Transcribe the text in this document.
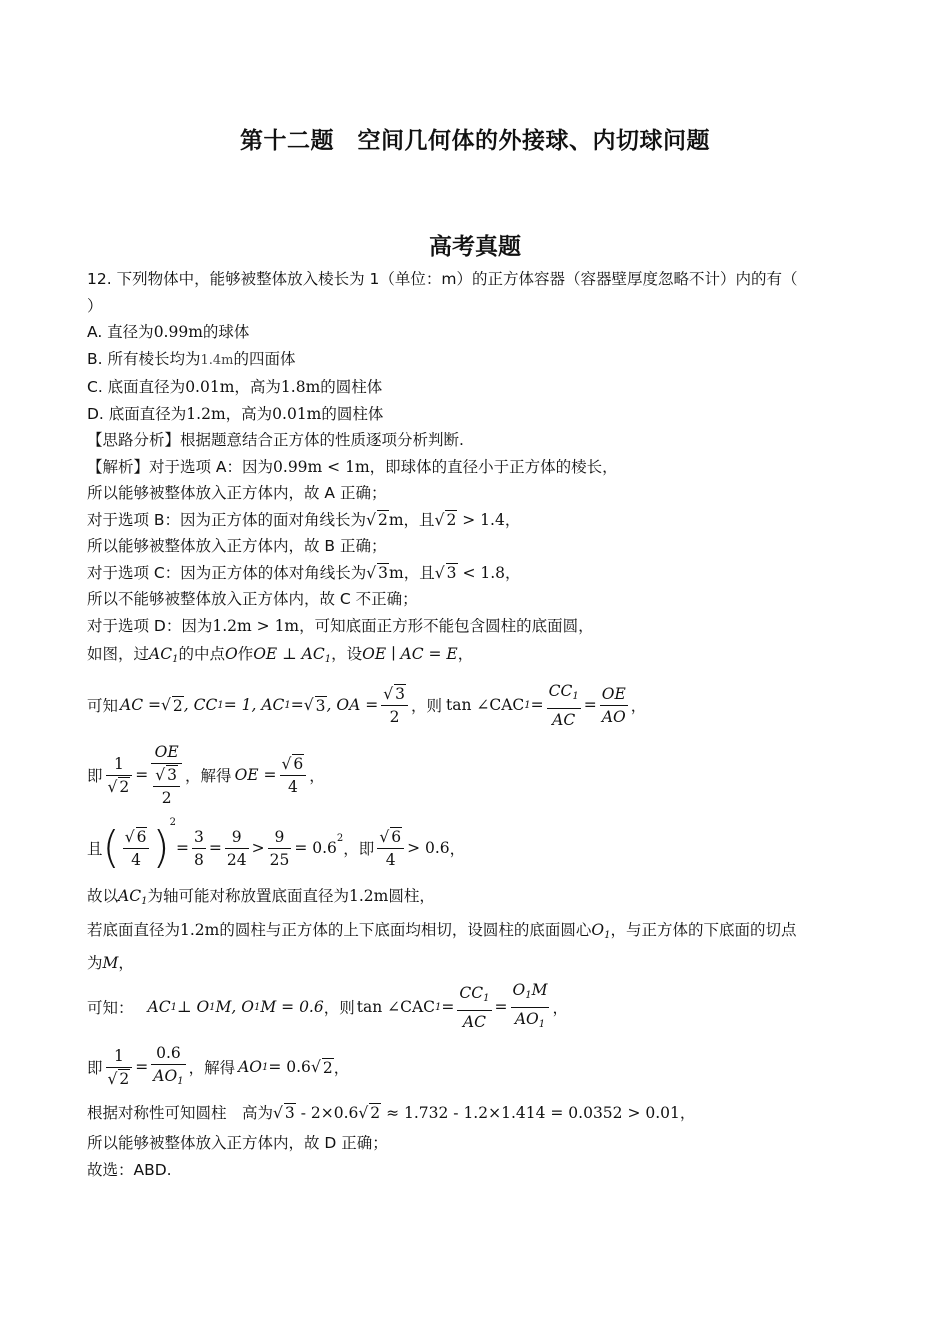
第十二题　空间几何体的外接球、内切球问题
高考真题
12. 下列物体中，能够被整体放入棱长为 1（单位：m）的正方体容器（容器壁厚度忽略不计）内的有（
）
A. 直径为0.99m的球体
B. 所有棱长均为1.4m的四面体
C. 底面直径为0.01m，高为1.8m的圆柱体
D. 底面直径为1.2m，高为0.01m的圆柱体
【思路分析】根据题意结合正方体的性质逐项分析判断.
【解析】对于选项 A：因为0.99m < 1m，即球体的直径小于正方体的棱长，
所以能够被整体放入正方体内，故 A 正确；
对于选项 B：因为正方体的面对角线长为√ 2m，且√ 2 > 1.4，
所以能够被整体放入正方体内，故 B 正确；
对于选项 C：因为正方体的体对角线长为√ 3m，且√ 3 < 1.8，
所以不能够被整体放入正方体内，故 C 不正确；
对于选项 D：因为1.2m > 1m，可知底面正方形不能包含圆柱的底面圆，
如图，过$AC_1$的中点O作OE ⊥ $AC_1$，设OE ∣ AC = E，
可知 AC = √ 2 , CC 1 = 1, AC 1 = √ 3 , OA = $\frac{√ 3}{2}$ ，则 tan ∠CAC $1 = \frac{CC_1}{AC} = \frac{OE}{AO}$ ，
即 $\frac{1}{√ 2} = \frac{OE}{\frac{√ 3}{2}}$ ，解得 OE = $\frac{√ 6}{4}$ ，
且 ( $\frac{√ 6}{4}$ ) 2
= $\frac{3}{8} = \frac{9}{24} > \frac{9}{25} = 0.6$
2
，即 $\frac{√ 6}{4} > 0.6$ ，
故以$AC_1$为轴可能对称放置底面直径为1.2m圆柱，
若底面直径为1.2m的圆柱与正方体的上下底面均相切，设圆柱的底面圆心$O_1$，与正方体的下底面的切点
为M，
可知： AC 1 ⊥ O 1 M, O 1 M = 0.6 ，则 tan ∠CAC $1 = \frac{CC_1}{AC} = \frac{O_1M}{AO_1}$ ，
即 $\frac{1}{√ 2} = \frac{0.6}{AO_1}$ ，解得 AO 1 = 0.6 √ 2 ，
根据对称性可知圆柱　高为√ 3 - 2×0.6√ 2 ≈ 1.732 - 1.2×1.414 = 0.0352 > 0.01，
所以能够被整体放入正方体内，故 D 正确；
故选：ABD.
